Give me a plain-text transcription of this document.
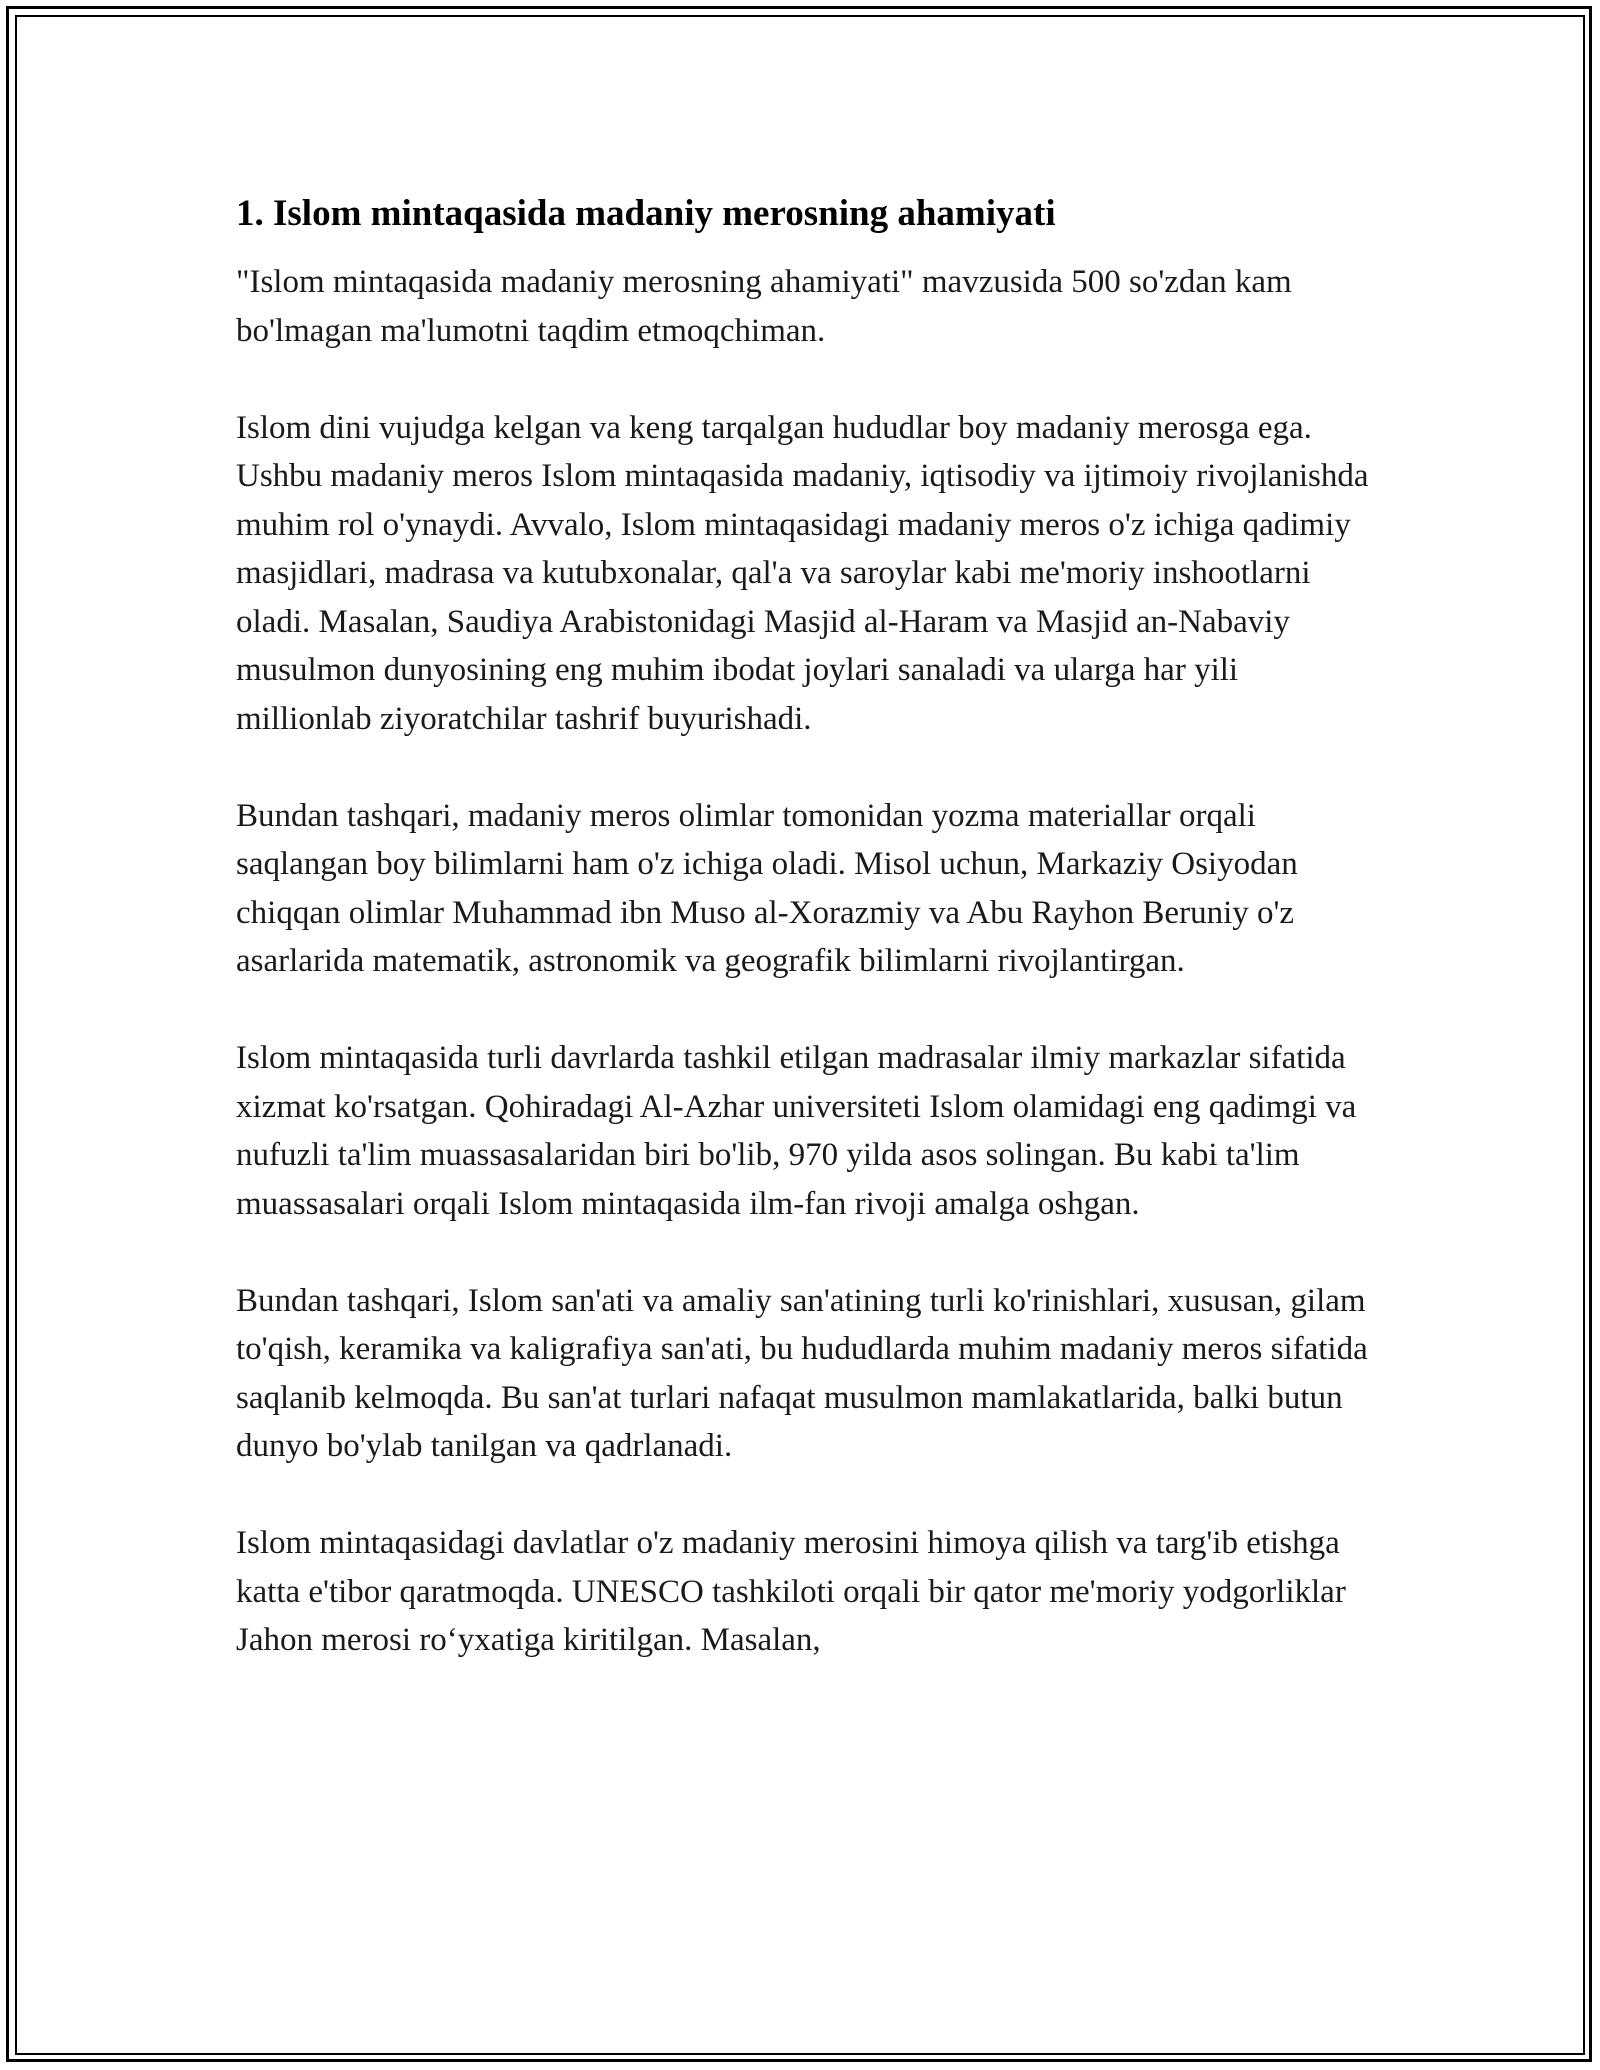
1. Islom mintaqasida madaniy merosning ahamiyati

"Islom mintaqasida madaniy merosning ahamiyati" mavzusida 500 so'zdan kam bo'lmagan ma'lumotni taqdim etmoqchiman.

Islom dini vujudga kelgan va keng tarqalgan hududlar boy madaniy merosga ega. Ushbu madaniy meros Islom mintaqasida madaniy, iqtisodiy va ijtimoiy rivojlanishda muhim rol o'ynaydi. Avvalo, Islom mintaqasidagi madaniy meros o'z ichiga qadimiy masjidlari, madrasa va kutubxonalar, qal'a va saroylar kabi me'moriy inshootlarni oladi. Masalan, Saudiya Arabistonidagi Masjid al-Haram va Masjid an-Nabaviy musulmon dunyosining eng muhim ibodat joylari sanaladi va ularga har yili millionlab ziyoratchilar tashrif buyurishadi.

Bundan tashqari, madaniy meros olimlar tomonidan yozma materiallar orqali saqlangan boy bilimlarni ham o'z ichiga oladi. Misol uchun, Markaziy Osiyodan chiqqan olimlar Muhammad ibn Muso al-Xorazmiy va Abu Rayhon Beruniy o'z asarlarida matematik, astronomik va geografik bilimlarni rivojlantirgan.

Islom mintaqasida turli davrlarda tashkil etilgan madrasalar ilmiy markazlar sifatida xizmat ko'rsatgan. Qohiradagi Al-Azhar universiteti Islom olamidagi eng qadimgi va nufuzli ta'lim muassasalaridan biri bo'lib, 970 yilda asos solingan. Bu kabi ta'lim muassasalari orqali Islom mintaqasida ilm-fan rivoji amalga oshgan.

Bundan tashqari, Islom san'ati va amaliy san'atining turli ko'rinishlari, xususan, gilam to'qish, keramika va kaligrafiya san'ati, bu hududlarda muhim madaniy meros sifatida saqlanib kelmoqda. Bu san'at turlari nafaqat musulmon mamlakatlarida, balki butun dunyo bo'ylab tanilgan va qadrlanadi.

Islom mintaqasidagi davlatlar o'z madaniy merosini himoya qilish va targ'ib etishga katta e'tibor qaratmoqda. UNESCO tashkiloti orqali bir qator me'moriy yodgorliklar Jahon merosi ro‘yxatiga kiritilgan. Masalan,
